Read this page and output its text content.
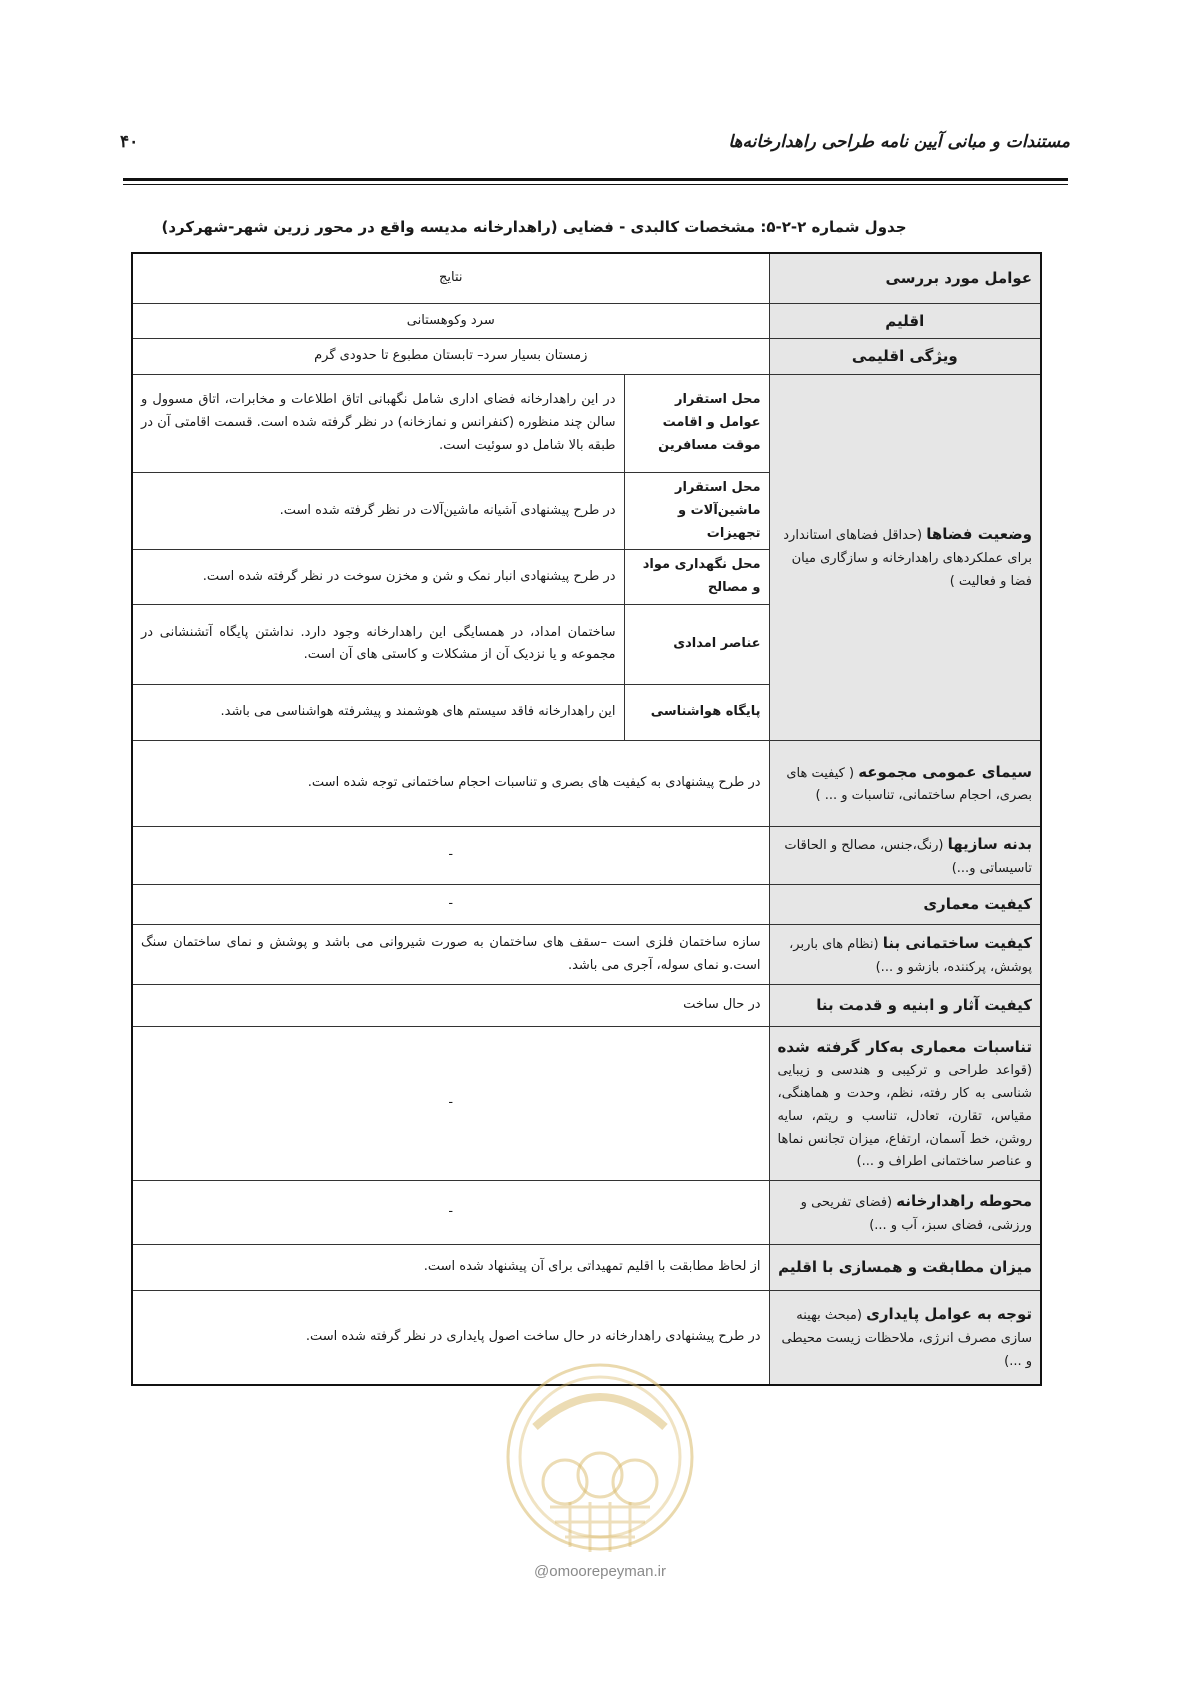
مستندات و مبانی آیین نامه طراحی راهدارخانه‌ها
۴۰
جدول شماره ۲-۲-۵: مشخصات کالبدی - فضایی (راهدارخانه مدیسه واقع در محور زرین شهر-شهرکرد)
عوامل مورد بررسی	نتایج	
اقلیم	سرد وکوهستانی	
ویژگی اقلیمی	زمستان بسیار سرد– تابستان مطبوع تا حدودی گرم	
وضعیت فضاها (حداقل فضاهای استاندارد برای عملکردهای راهدارخانه و سازگاری میان فضا و فعالیت )	محل استقرار عوامل و اقامت موقت مسافرین	در این راهدارخانه فضای اداری شامل نگهبانی اتاق اطلاعات و مخابرات، اتاق مسوول و سالن چند منظوره (کنفرانس و نمازخانه) در نظر گرفته شده است. قسمت اقامتی آن در طبقه بالا شامل دو سوئیت است.
	محل استقرار ماشین‌آلات و تجهیزات	در طرح پیشنهادی آشیانه ماشین‌آلات در نظر گرفته شده است.
	محل نگهداری مواد و مصالح	در طرح پیشنهادی انبار نمک و شن و مخزن سوخت در نظر گرفته شده است.
	عناصر امدادی	ساختمان امداد، در همسایگی این راهدارخانه وجود دارد. نداشتن پایگاه آتشنشانی در مجموعه و یا نزدیک آن از مشکلات و کاستی های آن است.
	پایگاه هواشناسی	این راهدارخانه فاقد سیستم های هوشمند و پیشرفته هواشناسی می باشد.
سیمای عمومی مجموعه ( کیفیت های بصری، احجام ساختمانی، تناسبات و ... )	در طرح پیشنهادی به کیفیت های بصری و تناسبات احجام ساختمانی توجه شده است.	
بدنه سازیها (رنگ،جنس، مصالح و الحاقات تاسیساتی و...)	-	
کیفیت معماری	-	
کیفیت ساختمانی بنا (نظام های باربر، پوشش، پرکننده، بازشو و ...)	سازه ساختمان فلزی است –سقف های ساختمان به صورت شیروانی می باشد و پوشش و نمای ساختمان سنگ است.و نمای سوله، آجری می باشد.	
کیفیت آثار و ابنیه و قدمت بنا	در حال ساخت	
تناسبات معماری به‌کار گرفته شده (قواعد طراحی و ترکیبی و هندسی و زیبایی شناسی به کار رفته، نظم، وحدت و هماهنگی، مقیاس، تقارن، تعادل، تناسب و ریتم، سایه روشن، خط آسمان، ارتفاع، میزان تجانس نماها و عناصر ساختمانی اطراف و ...)	-	
محوطه راهدارخانه (فضای تفریحی و ورزشی، فضای سبز، آب و ...)	-	
میزان مطابقت و همسازی با اقلیم	از لحاظ مطابقت با اقلیم تمهیداتی برای آن پیشنهاد شده است.	
توجه به عوامل پایداری (مبحث بهینه سازی مصرف انرژی، ملاحظات زیست محیطی و ...)	در طرح پیشنهادی راهدارخانه در حال ساخت اصول پایداری در نظر گرفته شده است.	
@omoorepeyman.ir
